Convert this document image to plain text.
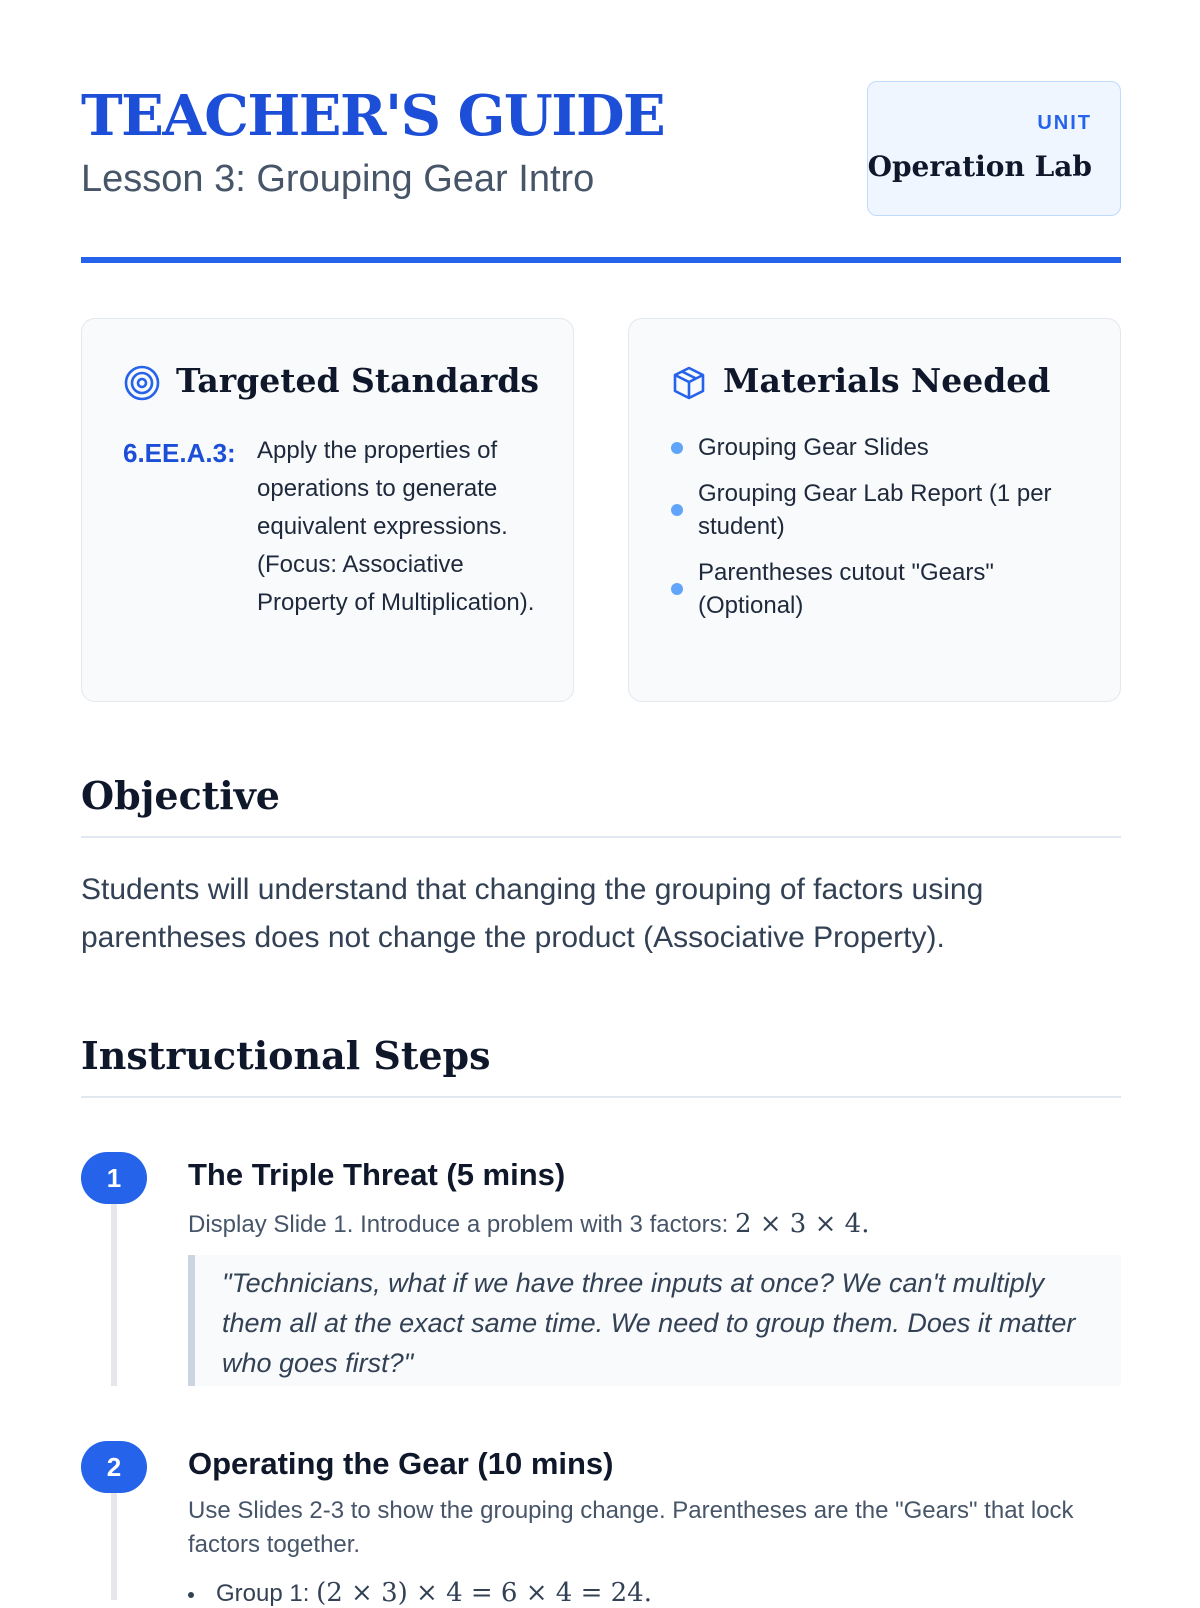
TEACHER'S GUIDE
Lesson 3: Grouping Gear Intro
UNIT
Operation Lab
Targeted Standards
6.EE.A.3: Apply the properties of operations to generate equivalent expressions. (Focus: Associative Property of Multiplication).
Materials Needed
Grouping Gear Slides
Grouping Gear Lab Report (1 per student)
Parentheses cutout "Gears" (Optional)
Objective
Students will understand that changing the grouping of factors using parentheses does not change the product (Associative Property).
Instructional Steps
1	The Triple Threat (5 mins)
Display Slide 1. Introduce a problem with 3 factors: 2 × 3 × 4.
"Technicians, what if we have three inputs at once? We can't multiply them all at the exact same time. We need to group them. Does it matter who goes first?"
2	Operating the Gear (10 mins)
Use Slides 2-3 to show the grouping change. Parentheses are the "Gears" that lock factors together.
Group 1: (2 × 3) × 4 = 6 × 4 = 24.
